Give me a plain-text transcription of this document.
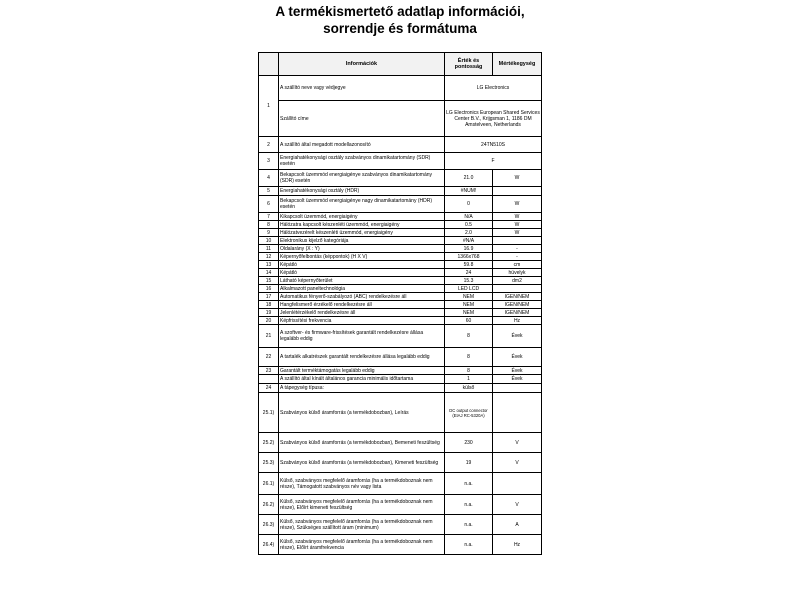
A termékismertető adatlap információi,
sorrendje és formátuma
	Információk	Érték és pontosság	Mértékegység
1	A szállító neve vagy védjegye	LG Electronics	
	Szállító címe	LG Electronics European Shared Services Center B.V., Krijgsman 1, 1186 DM Amstelveen, Netherlands	
2	A szállító által megadott modellazonosító	24TN510S	
3	Energiahatékonysági osztály szabványos dinamikatartomány (SDR) esetén	F	
4	Bekapcsolt üzemmód energiaigénye szabványos dinamikatartomány (SDR) esetén	21.0	W
5	Energiahatékonysági osztály (HDR)	#NUM!	
6	Bekapcsolt üzemmód energiaigénye nagy dinamikatartomány (HDR) esetén	0	W
7	Kikapcsolt üzemmód, energiaigény	N/A	W
8	Hálózatra kapcsolt készenléti üzemmód, energiaigény	0.5	W
9	Hálózatvezérelt készenléti üzemmód, energiaigény	2.0	W
10	Elektronikus kijelző kategóriája	#N/A	
11	Oldalarány (X : Y)	16.9	-
12	Képernyőfelbontás (képpontok) (H X V)	1366x768	-
13	Képátló	59.8	cm
14	Képátló	24	hüvelyk
15	Látható képernyőterület	15.3	dm2
16	Alkalmazott paneltechnológia	LED LCD	
17	Automatikus fényerő-szabályozó (ABC) rendelkezésre áll	NEM	IGEN/NEM
18	Hangfelismerő érzékelő rendelkezésre áll	NEM	IGEN/NEM
19	Jelenlétérzékelő rendelkezésre áll	NEM	IGEN/NEM
20	Képfrissítési frekvencia	60	Hz
21	A szoftver- és firmware-frissítések garantált rendelkezésre állása legalább eddig	8	Évek
22	A tartalék alkatrészek garantált rendelkezésre állása legalább eddig	8	Évek
23	Garantált terméktámogatás legalább eddig	8	Évek
	A szállító által kínált általános garancia minimális időtartama	1	Évek
24	A tápegység típusa:	külső	
25.1)	Szabványos külső áramforrás (a termékdobozban), Leírás	DC output connector (EIAJ RC-5320A)	
25.2)	Szabványos külső áramforrás (a termékdobozban), Bemeneti feszültség	230	V
25.3)	Szabványos külső áramforrás (a termékdobozban), Kimeneti feszültség	19	V
26.1)	Külső, szabványos megfelelő áramforrás (ha a termékdoboznak nem része), Támogatott szabványos név vagy lista	n.a.	
26.2)	Külső, szabványos megfelelő áramforrás (ha a termékdoboznak nem része), Előírt kimeneti feszültség	n.a.	V
26.3)	Külső, szabványos megfelelő áramforrás (ha a termékdoboznak nem része), Szükséges szállított áram (minimum)	n.a.	A
26.4)	Külső, szabványos megfelelő áramforrás (ha a termékdoboznak nem része), Előírt áramfrekvencia	n.a.	Hz
